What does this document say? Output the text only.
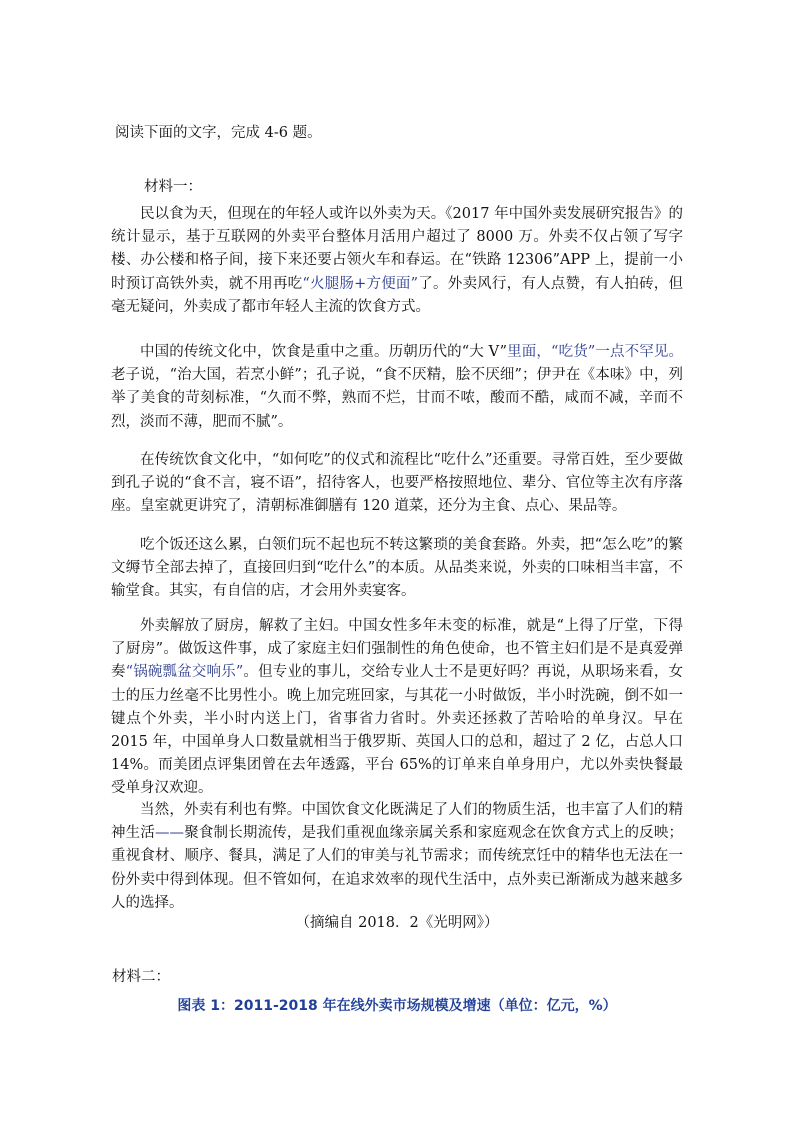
阅读下面的文字，完成 4-6 题。
材料一：
民以食为天，但现在的年轻人或许以外卖为天。《2017 年中国外卖发展研究报告》的统计显示，基于互联网的外卖平台整体月活用户超过了 8000 万。外卖不仅占领了写字楼、办公楼和格子间，接下来还要占领火车和春运。在“铁路 12306”APP 上，提前一小时预订高铁外卖，就不用再吃“火腿肠+方便面”了。外卖风行，有人点赞，有人拍砖，但毫无疑问，外卖成了都市年轻人主流的饮食方式。
中国的传统文化中，饮食是重中之重。历朝历代的“大 V”里面，“吃货”一点不罕见。老子说，“治大国，若烹小鲜”；孔子说，“食不厌精，脍不厌细”；伊尹在《本味》中，列举了美食的苛刻标准，“久而不弊，熟而不烂，甘而不哝，酸而不酷，咸而不减，辛而不烈，淡而不薄，肥而不腻”。
在传统饮食文化中，“如何吃”的仪式和流程比“吃什么”还重要。寻常百姓，至少要做到孔子说的“食不言，寝不语”，招待客人，也要严格按照地位、辈分、官位等主次有序落座。皇室就更讲究了，清朝标准御膳有 120 道菜，还分为主食、点心、果品等。
吃个饭还这么累，白领们玩不起也玩不转这繁琐的美食套路。外卖，把“怎么吃”的繁文缛节全部去掉了，直接回归到“吃什么”的本质。从品类来说，外卖的口味相当丰富，不输堂食。其实，有自信的店，才会用外卖宴客。
外卖解放了厨房，解救了主妇。中国女性多年未变的标准，就是“上得了厅堂，下得了厨房”。做饭这件事，成了家庭主妇们强制性的角色使命，也不管主妇们是不是真爱弹奏“锅碗瓢盆交响乐”。但专业的事儿，交给专业人士不是更好吗？再说，从职场来看，女士的压力丝毫不比男性小。晚上加完班回家，与其花一小时做饭，半小时洗碗，倒不如一键点个外卖，半小时内送上门，省事省力省时。外卖还拯救了苦哈哈的单身汉。早在 2015 年，中国单身人口数量就相当于俄罗斯、英国人口的总和，超过了 2 亿，占总人口 14%。而美团点评集团曾在去年透露，平台 65%的订单来自单身用户，尤以外卖快餐最受单身汉欢迎。
当然，外卖有利也有弊。中国饮食文化既满足了人们的物质生活，也丰富了人们的精神生活——聚食制长期流传，是我们重视血缘亲属关系和家庭观念在饮食方式上的反映；重视食材、顺序、餐具，满足了人们的审美与礼节需求；而传统烹饪中的精华也无法在一份外卖中得到体现。但不管如何，在追求效率的现代生活中，点外卖已渐渐成为越来越多人的选择。
（摘编自 2018．2《光明网》）
材料二：
图表 1：2011-2018 年在线外卖市场规模及增速（单位：亿元，%）
